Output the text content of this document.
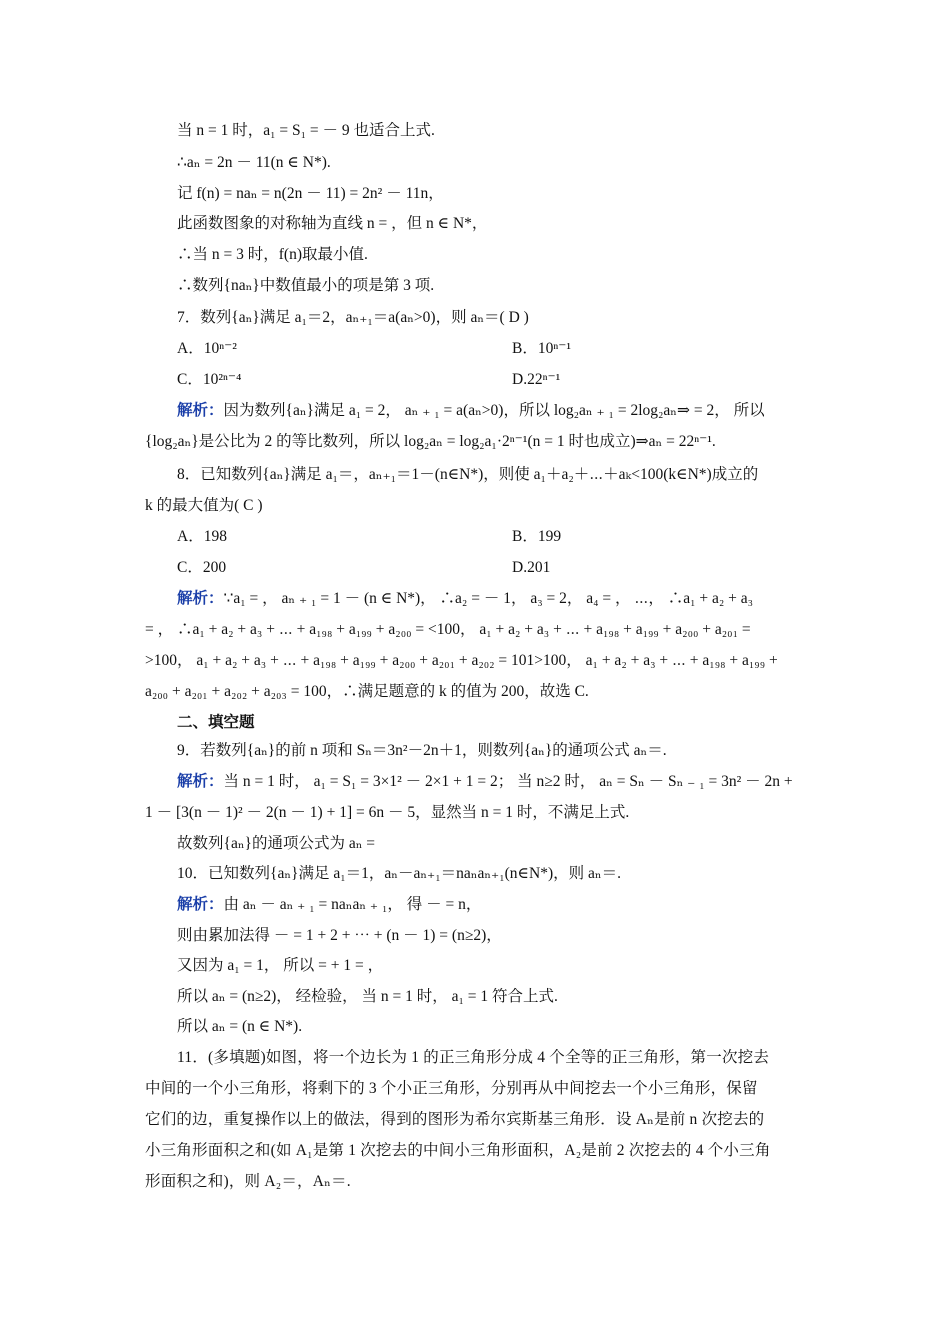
当 n = 1 时，a₁ = S₁ = － 9 也适合上式.
∴aₙ = 2n － 11(n ∈ N*).
记 f(n) = naₙ = n(2n － 11) = 2n² － 11n，
此函数图象的对称轴为直线 n = ，但 n ∈ N*，
∴当 n = 3 时，f(n)取最小值.
∴数列{naₙ}中数值最小的项是第 3 项.
7．数列{aₙ}满足 a₁＝2，aₙ₊₁＝a(aₙ>0)，则 aₙ＝( D )
A．10ⁿ⁻²	B．10ⁿ⁻¹
C．10²ⁿ⁻⁴	D.22ⁿ⁻¹
解析：因为数列{aₙ}满足 a₁ = 2， aₙ ₊ ₁ = a(aₙ>0)，所以 log₂aₙ ₊ ₁ = 2log₂aₙ⇒ = 2， 所以
{log₂aₙ}是公比为 2 的等比数列，所以 log₂aₙ = log₂a₁·2ⁿ⁻¹(n = 1 时也成立)⇒aₙ = 22ⁿ⁻¹.
8．已知数列{aₙ}满足 a₁＝，aₙ₊₁＝1－(n∈N*)，则使 a₁＋a₂＋⋯＋aₖ<100(k∈N*)成立的
k 的最大值为( C )
A．198	B．199
C．200	D.201
解析：∵a₁ = ， aₙ ₊ ₁ = 1 － (n ∈ N*)， ∴a₂ = － 1， a₃ = 2， a₄ = ， ⋯， ∴a₁ + a₂ + a₃
= ， ∴a₁ + a₂ + a₃ + ⋯ + a₁₉₈ + a₁₉₉ + a₂₀₀ = <100， a₁ + a₂ + a₃ + ⋯ + a₁₉₈ + a₁₉₉ + a₂₀₀ + a₂₀₁ =
>100， a₁ + a₂ + a₃ + ⋯ + a₁₉₈ + a₁₉₉ + a₂₀₀ + a₂₀₁ + a₂₀₂ = 101>100， a₁ + a₂ + a₃ + ⋯ + a₁₉₈ + a₁₉₉ +
a₂₀₀ + a₂₀₁ + a₂₀₂ + a₂₀₃ = 100，∴满足题意的 k 的值为 200，故选 C.
二、填空题
9．若数列{aₙ}的前 n 项和 Sₙ＝3n²－2n＋1，则数列{aₙ}的通项公式 aₙ＝.
解析：当 n = 1 时， a₁ = S₁ = 3×1² － 2×1 + 1 = 2； 当 n≥2 时， aₙ = Sₙ － Sₙ ₋ ₁ = 3n² － 2n +
1 － [3(n － 1)² － 2(n － 1) + 1] = 6n － 5，显然当 n = 1 时，不满足上式.
故数列{aₙ}的通项公式为 aₙ =
10．已知数列{aₙ}满足 a₁＝1，aₙ－aₙ₊₁＝naₙaₙ₊₁(n∈N*)，则 aₙ＝.
解析：由 aₙ － aₙ ₊ ₁ = naₙaₙ ₊ ₁， 得 － = n，
则由累加法得 － = 1 + 2 + ⋯ + (n － 1) = (n≥2)，
又因为 a₁ = 1， 所以 = + 1 = ，
所以 aₙ = (n≥2)， 经检验， 当 n = 1 时， a₁ = 1 符合上式.
所以 aₙ = (n ∈ N*).
11．(多填题)如图，将一个边长为 1 的正三角形分成 4 个全等的正三角形，第一次挖去
中间的一个小三角形，将剩下的 3 个小正三角形，分别再从中间挖去一个小三角形，保留
它们的边，重复操作以上的做法，得到的图形为希尔宾斯基三角形．设 Aₙ是前 n 次挖去的
小三角形面积之和(如 A₁是第 1 次挖去的中间小三角形面积，A₂是前 2 次挖去的 4 个小三角
形面积之和)，则 A₂＝，Aₙ＝.
